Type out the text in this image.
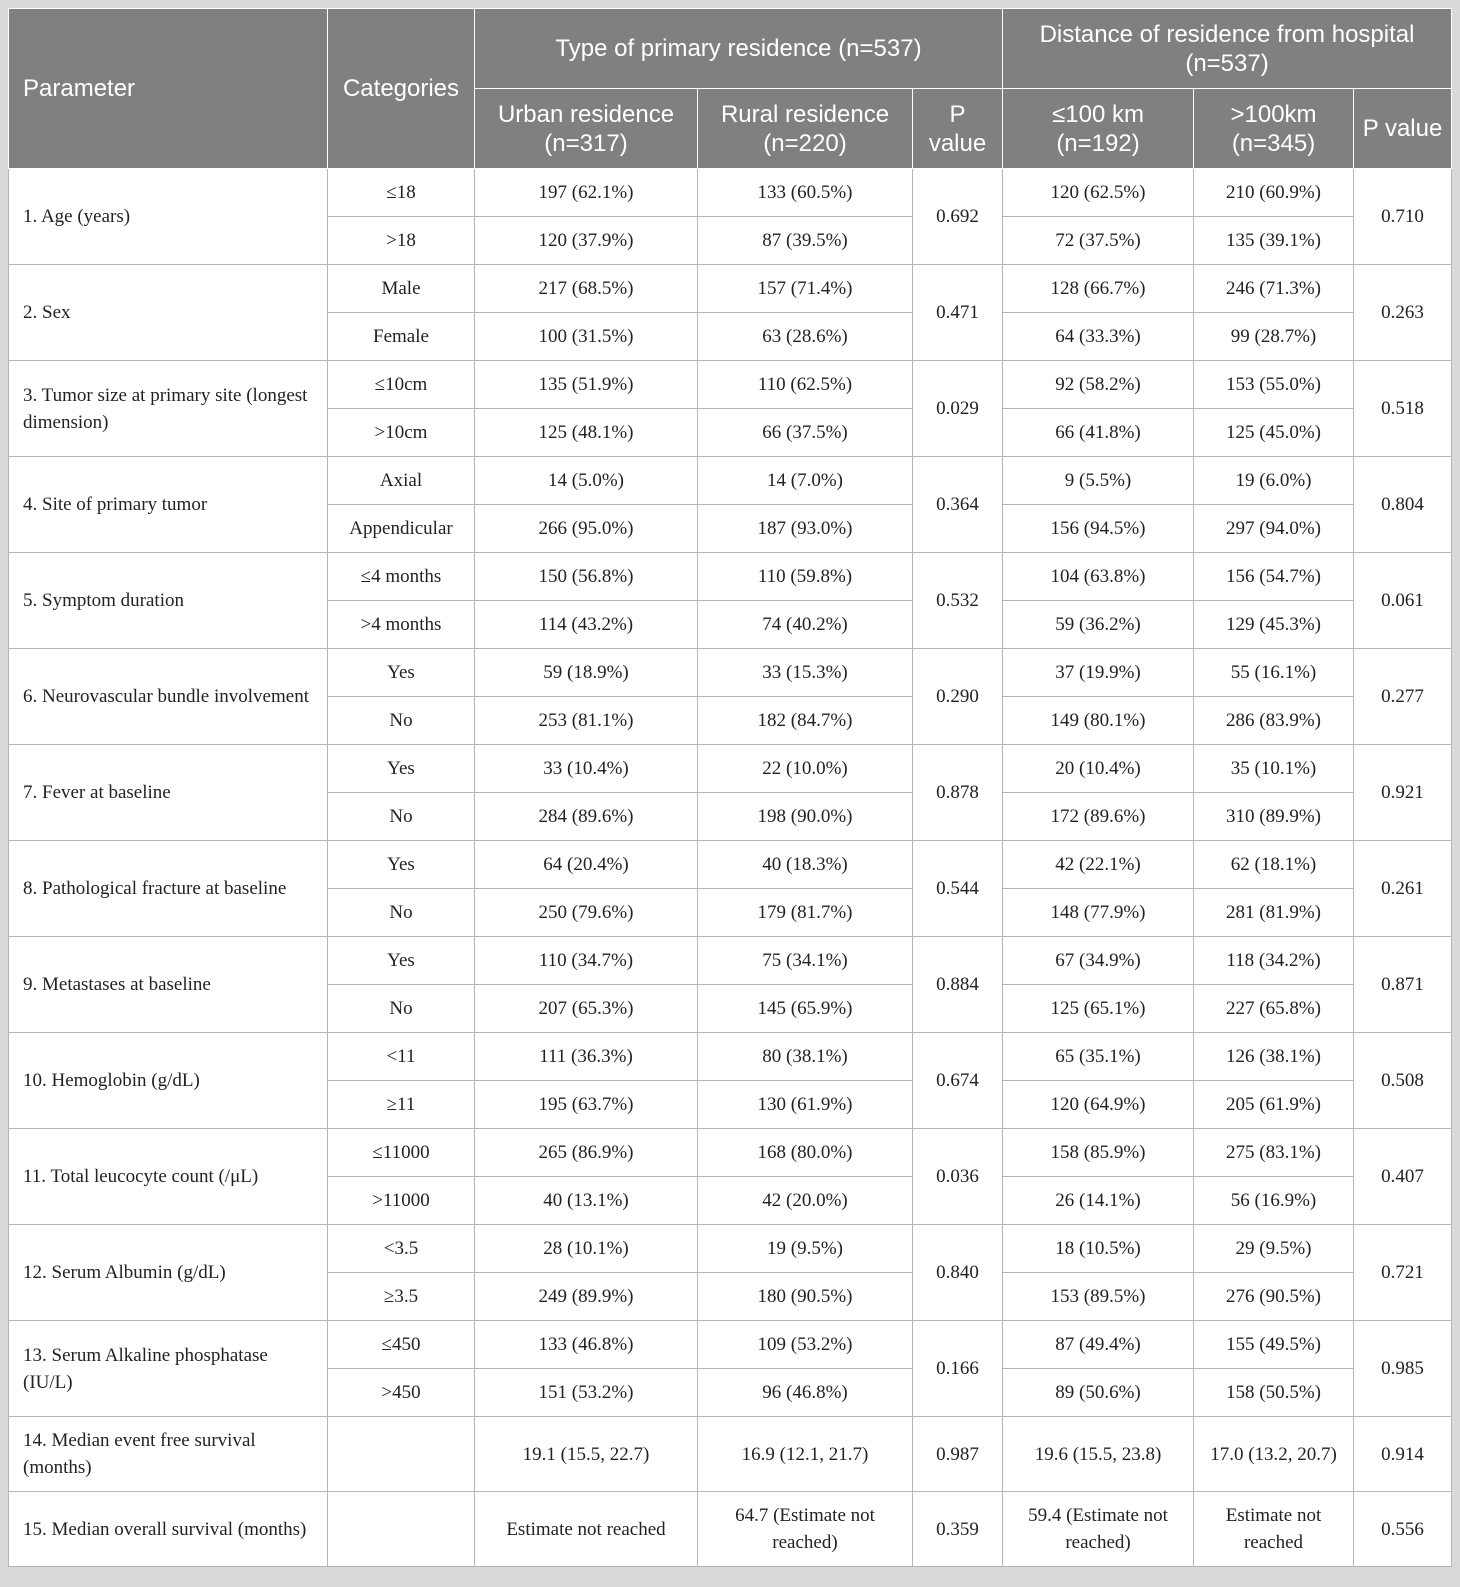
Parameter	Categories	Type of primary residence (n=537)			Distance of residence from hospital (n=537)		
		Urban residence (n=317)	Rural residence (n=220)	P value	≤100 km (n=192)	>100km (n=345)	P value
1. Age (years)	≤18	197 (62.1%)	133 (60.5%)	0.692	120 (62.5%)	210 (60.9%)	0.710
	>18	120 (37.9%)	87 (39.5%)		72 (37.5%)	135 (39.1%)	
2. Sex	Male	217 (68.5%)	157 (71.4%)	0.471	128 (66.7%)	246 (71.3%)	0.263
	Female	100 (31.5%)	63 (28.6%)		64 (33.3%)	99 (28.7%)	
3. Tumor size at primary site (longest dimension)	≤10cm	135 (51.9%)	110 (62.5%)	0.029	92 (58.2%)	153 (55.0%)	0.518
	>10cm	125 (48.1%)	66 (37.5%)		66 (41.8%)	125 (45.0%)	
4. Site of primary tumor	Axial	14 (5.0%)	14 (7.0%)	0.364	9 (5.5%)	19 (6.0%)	0.804
	Appendicular	266 (95.0%)	187 (93.0%)		156 (94.5%)	297 (94.0%)	
5. Symptom duration	≤4 months	150 (56.8%)	110 (59.8%)	0.532	104 (63.8%)	156 (54.7%)	0.061
	>4 months	114 (43.2%)	74 (40.2%)		59 (36.2%)	129 (45.3%)	
6. Neurovascular bundle involvement	Yes	59 (18.9%)	33 (15.3%)	0.290	37 (19.9%)	55 (16.1%)	0.277
	No	253 (81.1%)	182 (84.7%)		149 (80.1%)	286 (83.9%)	
7. Fever at baseline	Yes	33 (10.4%)	22 (10.0%)	0.878	20 (10.4%)	35 (10.1%)	0.921
	No	284 (89.6%)	198 (90.0%)		172 (89.6%)	310 (89.9%)	
8. Pathological fracture at baseline	Yes	64 (20.4%)	40 (18.3%)	0.544	42 (22.1%)	62 (18.1%)	0.261
	No	250 (79.6%)	179 (81.7%)		148 (77.9%)	281 (81.9%)	
9. Metastases at baseline	Yes	110 (34.7%)	75 (34.1%)	0.884	67 (34.9%)	118 (34.2%)	0.871
	No	207 (65.3%)	145 (65.9%)		125 (65.1%)	227 (65.8%)	
10. Hemoglobin (g/dL)	<11	111 (36.3%)	80 (38.1%)	0.674	65 (35.1%)	126 (38.1%)	0.508
	≥11	195 (63.7%)	130 (61.9%)		120 (64.9%)	205 (61.9%)	
11. Total leucocyte count (/μL)	≤11000	265 (86.9%)	168 (80.0%)	0.036	158 (85.9%)	275 (83.1%)	0.407
	>11000	40 (13.1%)	42 (20.0%)		26 (14.1%)	56 (16.9%)	
12. Serum Albumin (g/dL)	<3.5	28 (10.1%)	19 (9.5%)	0.840	18 (10.5%)	29 (9.5%)	0.721
	≥3.5	249 (89.9%)	180 (90.5%)		153 (89.5%)	276 (90.5%)	
13. Serum Alkaline phosphatase (IU/L)	≤450	133 (46.8%)	109 (53.2%)	0.166	87 (49.4%)	155 (49.5%)	0.985
	>450	151 (53.2%)	96 (46.8%)		89 (50.6%)	158 (50.5%)	
14. Median event free survival (months)		19.1 (15.5, 22.7)	16.9 (12.1, 21.7)	0.987	19.6 (15.5, 23.8)	17.0 (13.2, 20.7)	0.914
15. Median overall survival (months)		Estimate not reached	64.7 (Estimate not reached)	0.359	59.4 (Estimate not reached)	Estimate not reached	0.556
